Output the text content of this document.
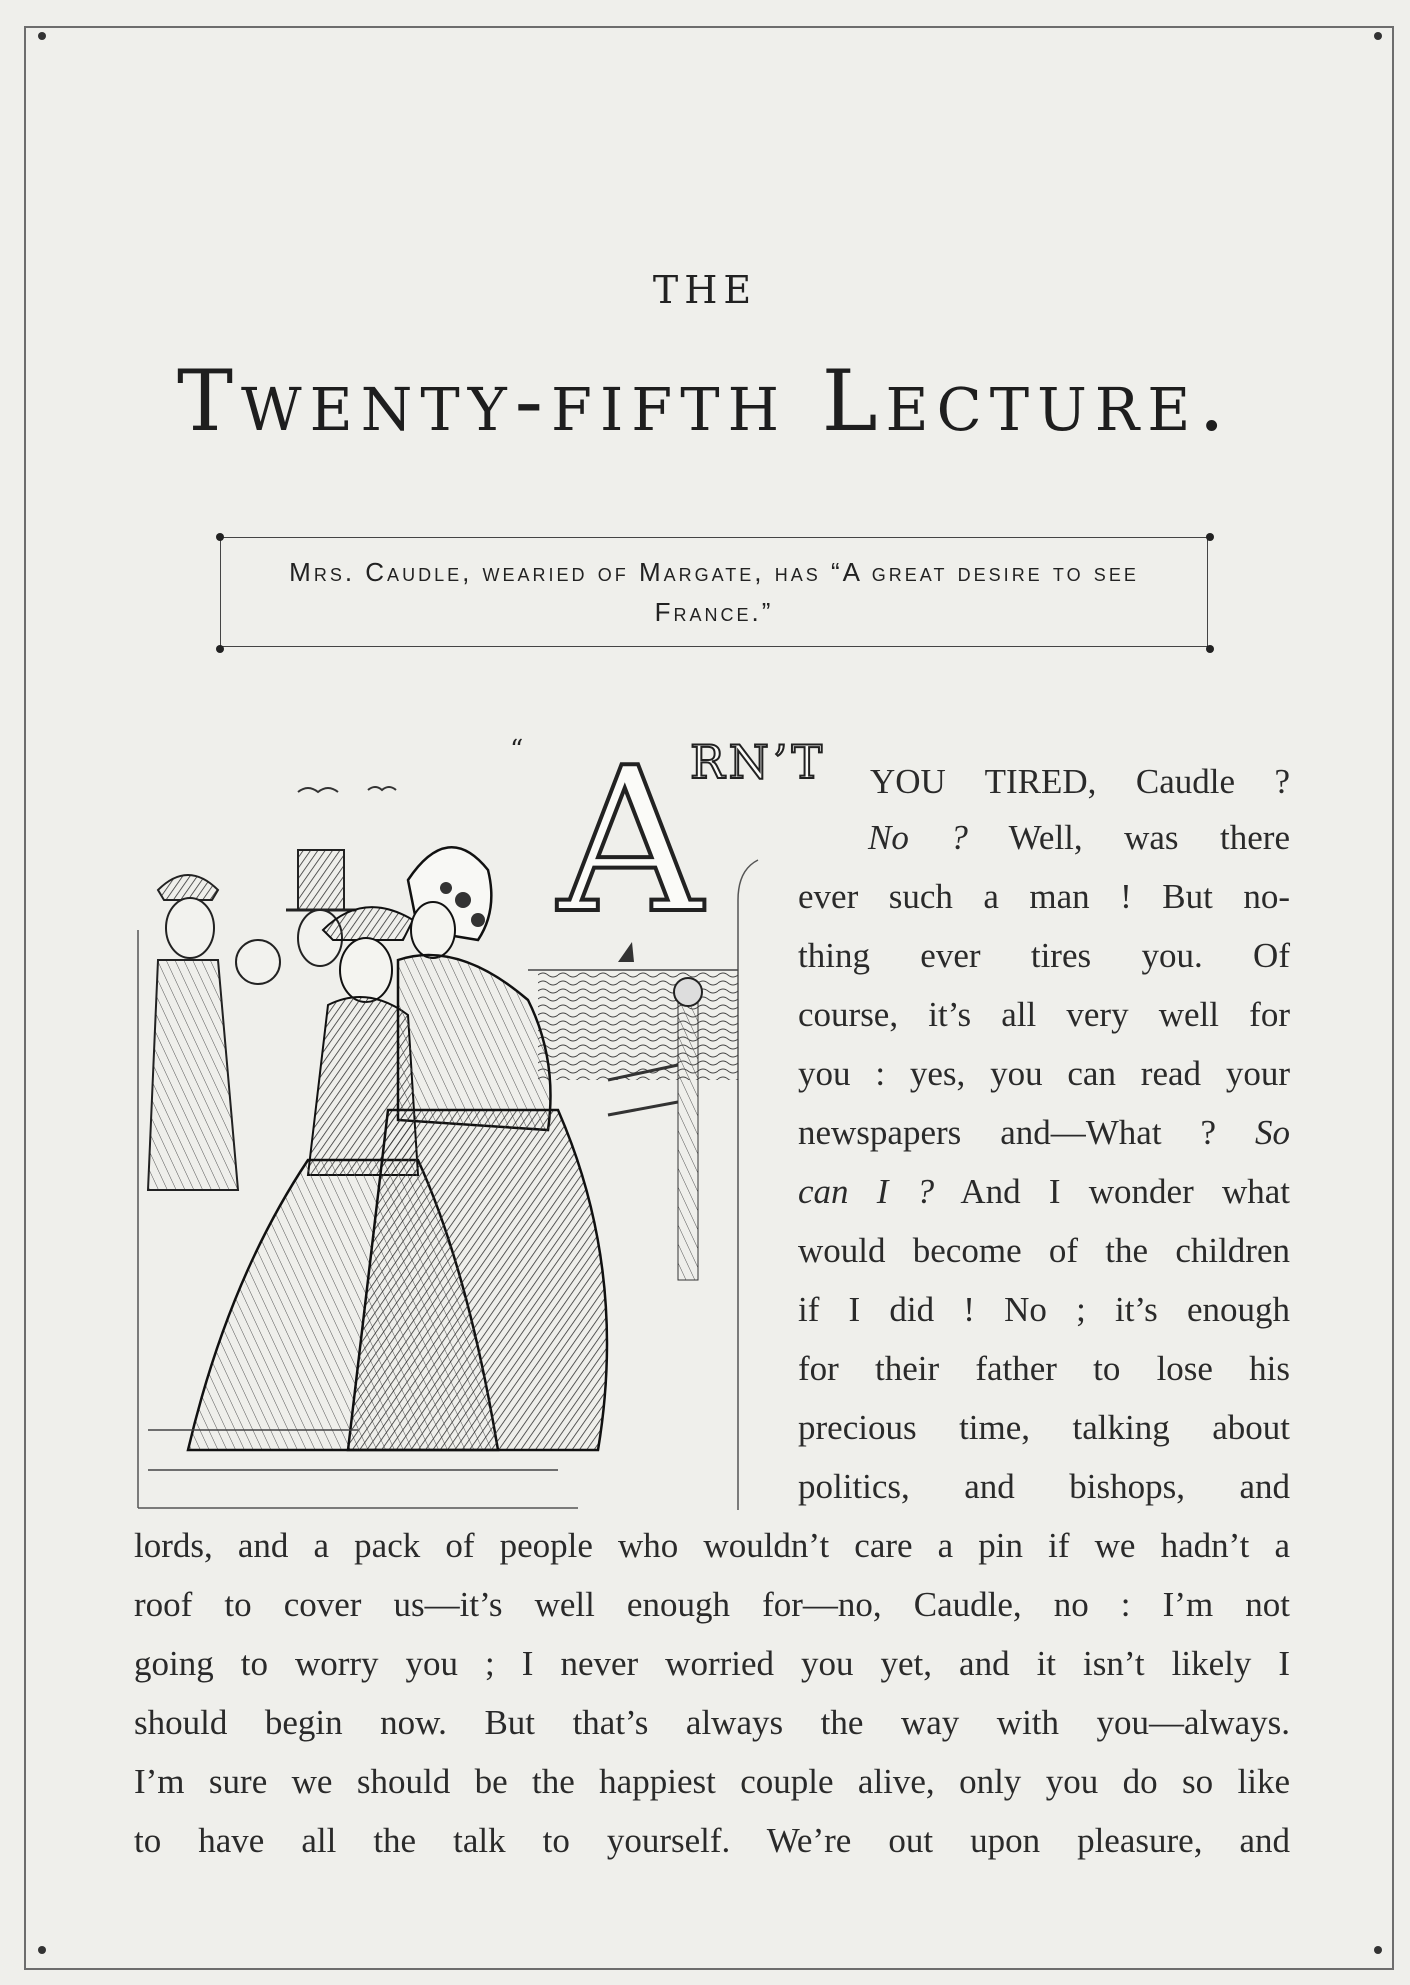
THE
Twenty-fifth Lecture.
Mrs. Caudle, wearied of Margate, has “A great desire to see France.”
“ A
RN’T YOU TIRED, Caudle ?
No ? Well, was there
ever such a man ! But no-
thing ever tires you. Of
course, it’s all very well for
you : yes, you can read your
newspapers and—What ? So
can I ? And I wonder what
would become of the children
if I did ! No ; it’s enough
for their father to lose his
precious time, talking about
politics, and bishops, and
lords, and a pack of people who wouldn’t care a pin if we hadn’t a
roof to cover us—it’s well enough for—no, Caudle, no : I’m not
going to worry you ; I never worried you yet, and it isn’t likely I
should begin now. But that’s always the way with you—always.
I’m sure we should be the happiest couple alive, only you do so like
to have all the talk to yourself. We’re out upon pleasure, and
